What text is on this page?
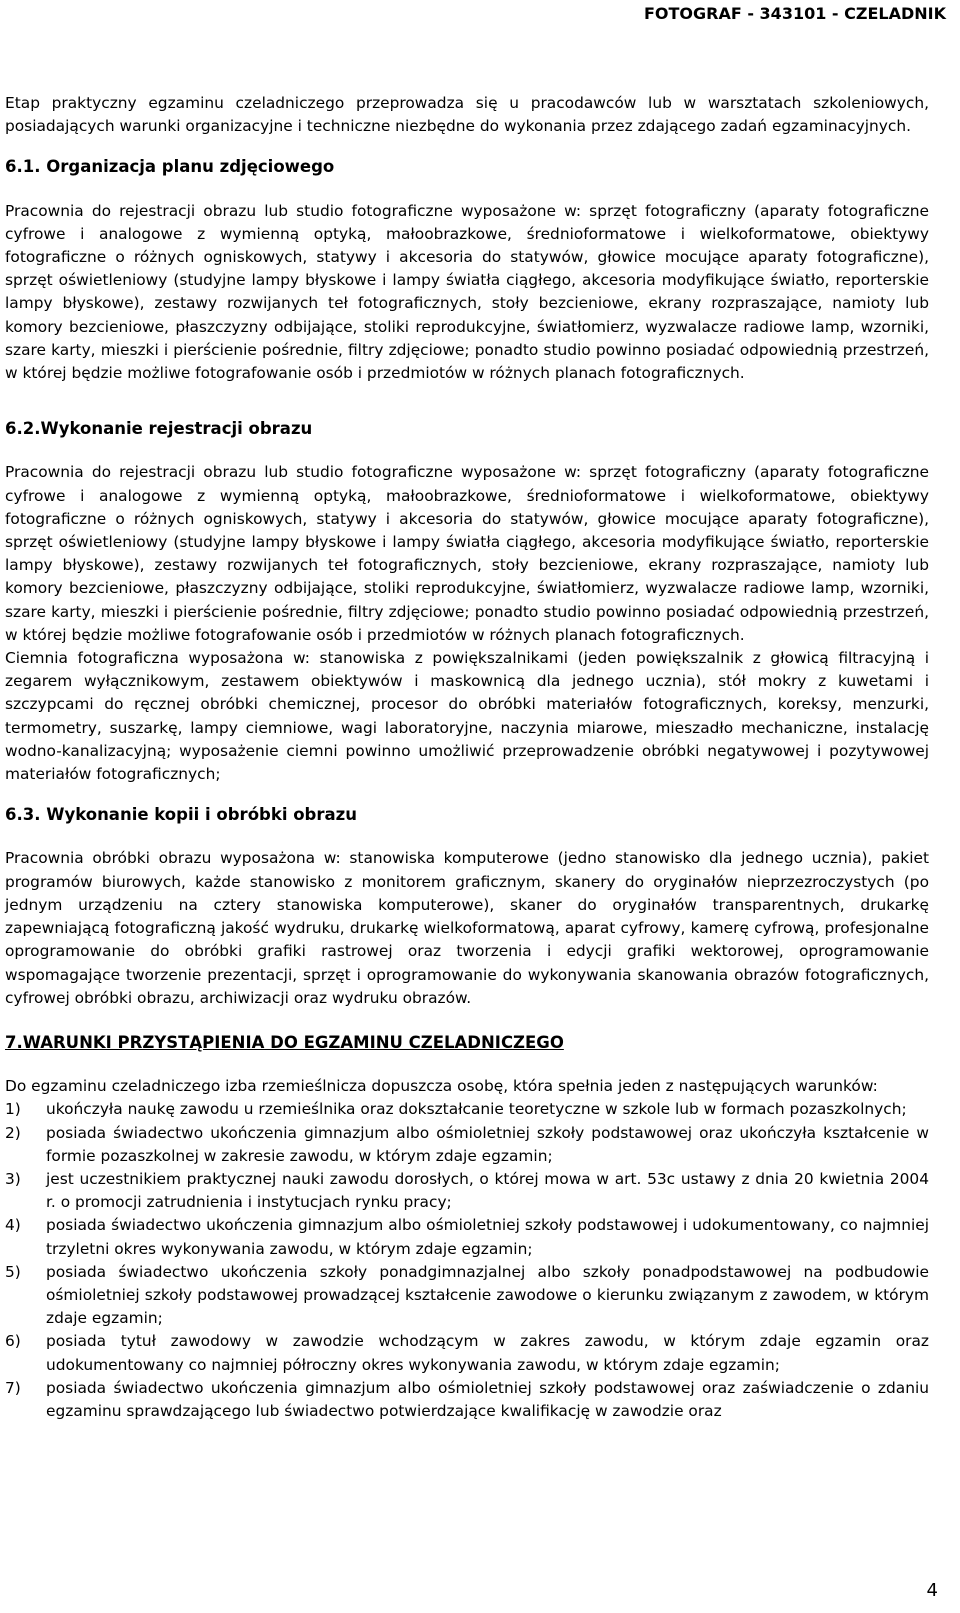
FOTOGRAF - 343101 - CZELADNIK

Etap praktyczny egzaminu czeladniczego przeprowadza się u pracodawców lub w warsztatach szkoleniowych, posiadających warunki organizacyjne i techniczne niezbędne do wykonania przez zdającego zadań egzaminacyjnych.

6.1. Organizacja planu zdjęciowego

Pracownia do rejestracji obrazu lub studio fotograficzne wyposażone w: sprzęt fotograficzny (aparaty fotograficzne cyfrowe i analogowe z wymienną optyką, małoobrazkowe, średnioformatowe i wielkoformatowe, obiektywy fotograficzne o różnych ogniskowych, statywy i akcesoria do statywów, głowice mocujące aparaty fotograficzne), sprzęt oświetleniowy (studyjne lampy błyskowe i lampy światła ciągłego, akcesoria modyfikujące światło, reporterskie lampy błyskowe), zestawy rozwijanych teł fotograficznych, stoły bezcieniowe, ekrany rozpraszające, namioty lub komory bezcieniowe, płaszczyzny odbijające, stoliki reprodukcyjne, światłomierz, wyzwalacze radiowe lamp, wzorniki, szare karty, mieszki i pierścienie pośrednie, filtry zdjęciowe; ponadto studio powinno posiadać odpowiednią przestrzeń, w której będzie możliwe fotografowanie osób i przedmiotów w różnych planach fotograficznych.

6.2.Wykonanie rejestracji obrazu

Pracownia do rejestracji obrazu lub studio fotograficzne wyposażone w: sprzęt fotograficzny (aparaty fotograficzne cyfrowe i analogowe z wymienną optyką, małoobrazkowe, średnioformatowe i wielkoformatowe, obiektywy fotograficzne o różnych ogniskowych, statywy i akcesoria do statywów, głowice mocujące aparaty fotograficzne), sprzęt oświetleniowy (studyjne lampy błyskowe i lampy światła ciągłego, akcesoria modyfikujące światło, reporterskie lampy błyskowe), zestawy rozwijanych teł fotograficznych, stoły bezcieniowe, ekrany rozpraszające, namioty lub komory bezcieniowe, płaszczyzny odbijające, stoliki reprodukcyjne, światłomierz, wyzwalacze radiowe lamp, wzorniki, szare karty, mieszki i pierścienie pośrednie, filtry zdjęciowe; ponadto studio powinno posiadać odpowiednią przestrzeń, w której będzie możliwe fotografowanie osób i przedmiotów w różnych planach fotograficznych.

Ciemnia fotograficzna wyposażona w: stanowiska z powiększalnikami (jeden powiększalnik z głowicą filtracyjną i zegarem wyłącznikowym, zestawem obiektywów i maskownicą dla jednego ucznia), stół mokry z kuwetami i szczypcami do ręcznej obróbki chemicznej, procesor do obróbki materiałów fotograficznych, koreksy, menzurki, termometry, suszarkę, lampy ciemniowe, wagi laboratoryjne, naczynia miarowe, mieszadło mechaniczne, instalację wodno-kanalizacyjną; wyposażenie ciemni powinno umożliwić przeprowadzenie obróbki negatywowej i pozytywowej materiałów fotograficznych;

6.3. Wykonanie kopii i obróbki obrazu

Pracownia obróbki obrazu wyposażona w: stanowiska komputerowe (jedno stanowisko dla jednego ucznia), pakiet programów biurowych, każde stanowisko z monitorem graficznym, skanery do oryginałów nieprzezroczystych (po jednym urządzeniu na cztery stanowiska komputerowe), skaner do oryginałów transparentnych, drukarkę zapewniającą fotograficzną jakość wydruku, drukarkę wielkoformatową, aparat cyfrowy, kamerę cyfrową, profesjonalne oprogramowanie do obróbki grafiki rastrowej oraz tworzenia i edycji grafiki wektorowej, oprogramowanie wspomagające tworzenie prezentacji, sprzęt i oprogramowanie do wykonywania skanowania obrazów fotograficznych, cyfrowej obróbki obrazu, archiwizacji oraz wydruku obrazów.

7.WARUNKI PRZYSTĄPIENIA DO EGZAMINU CZELADNICZEGO

Do egzaminu czeladniczego izba rzemieślnicza dopuszcza osobę, która spełnia jeden z następujących warunków:

1)	ukończyła naukę zawodu u rzemieślnika oraz dokształcanie teoretyczne w szkole lub w formach pozaszkolnych;
2)	posiada świadectwo ukończenia gimnazjum albo ośmioletniej szkoły podstawowej oraz ukończyła kształcenie w formie pozaszkolnej w zakresie zawodu, w którym zdaje egzamin;
3)	jest uczestnikiem praktycznej nauki zawodu dorosłych, o której mowa w art. 53c ustawy z dnia 20 kwietnia 2004 r. o promocji zatrudnienia i instytucjach rynku pracy;
4)	posiada świadectwo ukończenia gimnazjum albo ośmioletniej szkoły podstawowej i udokumentowany, co najmniej trzyletni okres wykonywania zawodu, w którym zdaje egzamin;
5)	posiada świadectwo ukończenia szkoły ponadgimnazjalnej albo szkoły ponadpodstawowej na podbudowie ośmioletniej szkoły podstawowej prowadzącej kształcenie zawodowe o kierunku związanym z zawodem, w którym zdaje egzamin;
6)	posiada tytuł zawodowy w zawodzie wchodzącym w zakres zawodu, w którym zdaje egzamin oraz udokumentowany co najmniej półroczny okres wykonywania zawodu, w którym zdaje egzamin;
7)	posiada świadectwo ukończenia gimnazjum albo ośmioletniej szkoły podstawowej oraz zaświadczenie o zdaniu egzaminu sprawdzającego lub świadectwo potwierdzające kwalifikację w zawodzie oraz
4
